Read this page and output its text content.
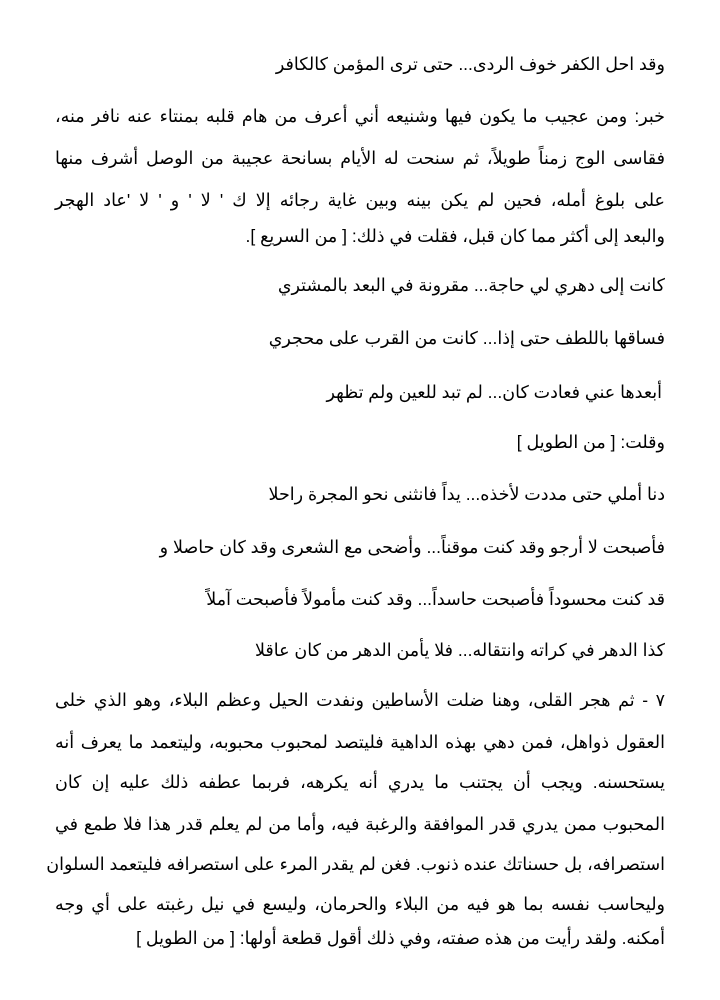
وقد احل الكفر خوف الردى... حتى ترى المؤمن كالكافر
خبر: ومن عجيب ما يكون فيها وشنيعه أني أعرف من هام قلبه بمنتاء عنه نافر منه،
فقاسى الوج زمناً طويلاً، ثم سنحت له الأيام بسانحة عجيبة من الوصل أشرف منها
على بلوغ أمله، فحين لم يكن بينه وبين غاية رجائه إلا ك ' لا ' و ' لا 'عاد الهجر
والبعد إلى أكثر مما كان قبل، فقلت في ذلك: [ من السريع ].
كانت إلى دهري لي حاجة... مقرونة في البعد بالمشتري
فساقها باللطف حتى إذا... كانت من القرب على محجري
أبعدها عني فعادت كان... لم تبد للعين ولم تظهر
وقلت: [ من الطويل ]
دنا أملي حتى مددت لأخذه... يداً فانثنى نحو المجرة راحلا
فأصبحت لا أرجو وقد كنت موقناً... وأضحى مع الشعرى وقد كان حاصلا و
قد كنت محسوداً فأصبحت حاسداً... وقد كنت مأمولاً فأصبحت آملاً
كذا الدهر في كراته وانتقاله... فلا يأمن الدهر من كان عاقلا
٧ - ثم هجر القلى، وهنا ضلت الأساطين ونفدت الحيل وعظم البلاء، وهو الذي خلى
العقول ذواهل، فمن دهي بهذه الداهية فليتصد لمحبوب محبوبه، وليتعمد ما يعرف أنه
يستحسنه. ويجب أن يجتنب ما يدري أنه يكرهه، فربما عطفه ذلك عليه إن كان
المحبوب ممن يدري قدر الموافقة والرغبة فيه، وأما من لم يعلم قدر هذا فلا طمع في
استصرافه، بل حسناتك عنده ذنوب. فغن لم يقدر المرء على استصرافه فليتعمد السلوان
وليحاسب نفسه بما هو فيه من البلاء والحرمان، وليسع في نيل رغبته على أي وجه
أمكنه. ولقد رأيت من هذه صفته، وفي ذلك أقول قطعة أولها: [ من الطويل ]
